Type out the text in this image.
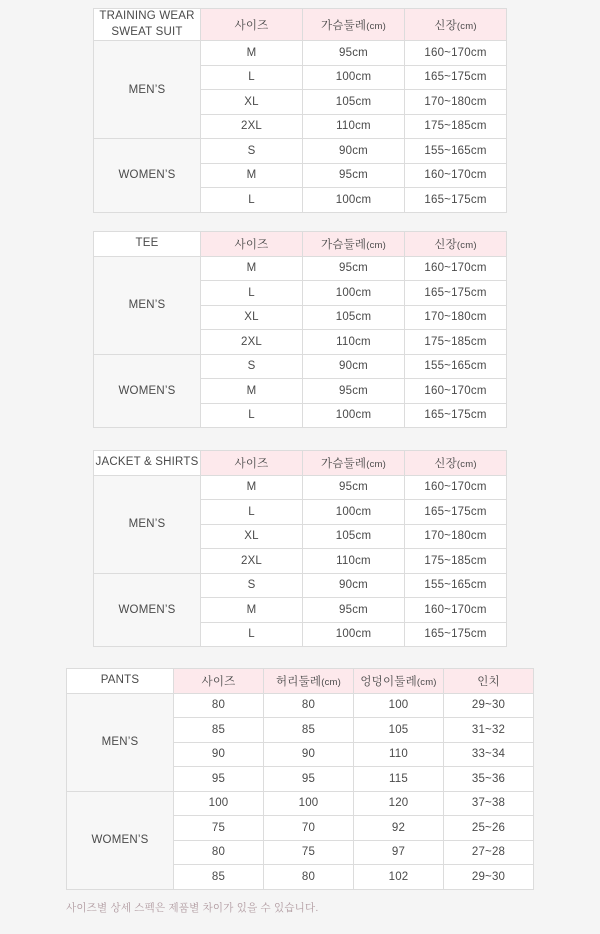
TRAINING WEAR
SWEAT SUIT	사이즈	가슴둘레(cm)	신장(cm)
MEN’S	M	95cm	160~170cm
	L	100cm	165~175cm
	XL	105cm	170~180cm
	2XL	110cm	175~185cm
WOMEN’S	S	90cm	155~165cm
	M	95cm	160~170cm
	L	100cm	165~175cm
TEE	사이즈	가슴둘레(cm)	신장(cm)
MEN’S	M	95cm	160~170cm
	L	100cm	165~175cm
	XL	105cm	170~180cm
	2XL	110cm	175~185cm
WOMEN’S	S	90cm	155~165cm
	M	95cm	160~170cm
	L	100cm	165~175cm
JACKET & SHIRTS	사이즈	가슴둘레(cm)	신장(cm)
MEN’S	M	95cm	160~170cm
	L	100cm	165~175cm
	XL	105cm	170~180cm
	2XL	110cm	175~185cm
WOMEN’S	S	90cm	155~165cm
	M	95cm	160~170cm
	L	100cm	165~175cm
PANTS	사이즈	허리둘레(cm)	엉덩이둘레(cm)	인치
MEN’S	80	80	100	29~30
	85	85	105	31~32
	90	90	110	33~34
	95	95	115	35~36
WOMEN’S	100	100	120	37~38
	75	70	92	25~26
	80	75	97	27~28
	85	80	102	29~30
사이즈별 상세 스펙은 제품별 차이가 있을 수 있습니다.
